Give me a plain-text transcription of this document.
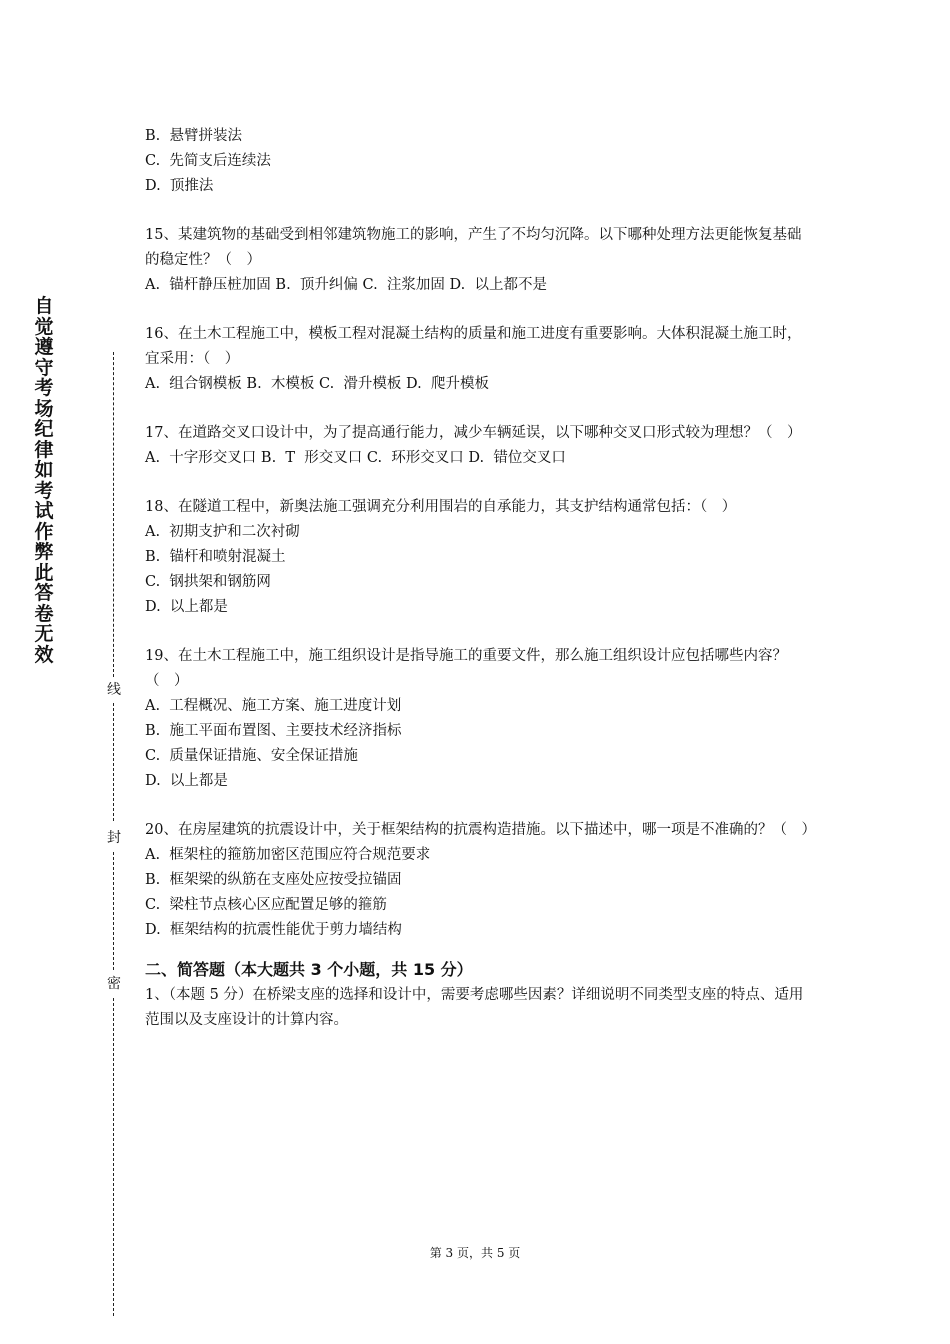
自觉遵守考场纪律如考试作弊此答卷无效
线
封
密

B.  悬臂拼装法

C.  先简支后连续法

D.  顶推法

15、某建筑物的基础受到相邻建筑物施工的影响，产生了不均匀沉降。以下哪种处理方法更能恢复基础的稳定性？（　）

A.  锚杆静压桩加固 B.  顶升纠偏 C.  注浆加固 D.  以上都不是

16、在土木工程施工中，模板工程对混凝土结构的质量和施工进度有重要影响。大体积混凝土施工时，宜采用：（　）

A.  组合钢模板 B.  木模板 C.  滑升模板 D.  爬升模板

17、在道路交叉口设计中，为了提高通行能力，减少车辆延误，以下哪种交叉口形式较为理想？（　）

A.  十字形交叉口 B.  T  形交叉口 C.  环形交叉口 D.  错位交叉口

18、在隧道工程中，新奥法施工强调充分利用围岩的自承能力，其支护结构通常包括：（　）

A.  初期支护和二次衬砌

B.  锚杆和喷射混凝土

C.  钢拱架和钢筋网

D.  以上都是

19、在土木工程施工中，施工组织设计是指导施工的重要文件，那么施工组织设计应包括哪些内容？（　）

A.  工程概况、施工方案、施工进度计划

B.  施工平面布置图、主要技术经济指标

C.  质量保证措施、安全保证措施

D.  以上都是

20、在房屋建筑的抗震设计中，关于框架结构的抗震构造措施。以下描述中，哪一项是不准确的？（　）

A.  框架柱的箍筋加密区范围应符合规范要求

B.  框架梁的纵筋在支座处应按受拉锚固

C.  梁柱节点核心区应配置足够的箍筋

D.  框架结构的抗震性能优于剪力墙结构

二、简答题（本大题共 3 个小题，共 15 分）

1、（本题 5 分）在桥梁支座的选择和设计中，需要考虑哪些因素？详细说明不同类型支座的特点、适用范围以及支座设计的计算内容。

第 3 页，共 5 页
